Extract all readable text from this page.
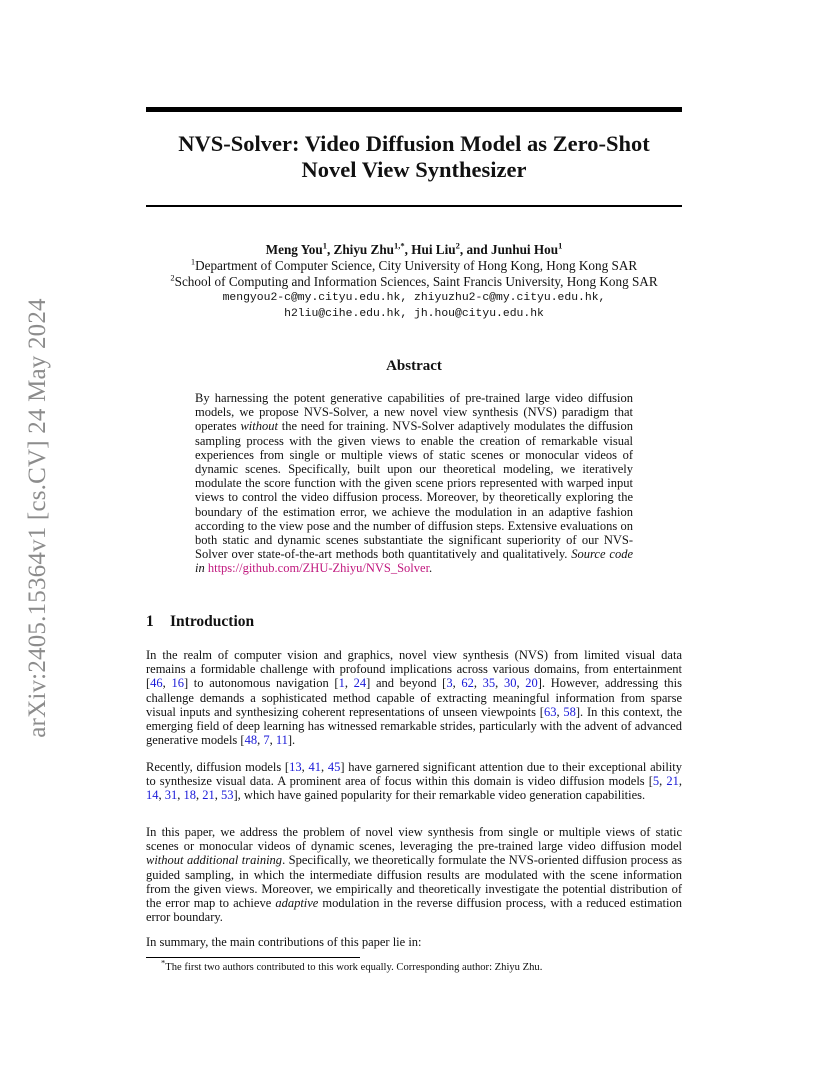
arXiv:2405.15364v1 [cs.CV] 24 May 2024
NVS-Solver: Video Diffusion Model as Zero-Shot
Novel View Synthesizer
Meng You$^1$, Zhiyu Zhu$^{1,*}$, Hui Liu$^2$, and Junhui Hou$^1$
$^1$Department of Computer Science, City University of Hong Kong, Hong Kong SAR
$^2$School of Computing and Information Sciences, Saint Francis University, Hong Kong SAR
mengyou2-c@my.cityu.edu.hk, zhiyuzhu2-c@my.cityu.edu.hk,
h2liu@cihe.edu.hk, jh.hou@cityu.edu.hk
Abstract
By harnessing the potent generative capabilities of pre-trained large video diffusion models, we propose NVS-Solver, a new novel view synthesis (NVS) paradigm that operates without the need for training. NVS-Solver adaptively modulates the diffusion sampling process with the given views to enable the creation of remarkable visual experiences from single or multiple views of static scenes or monocular videos of dynamic scenes. Specifically, built upon our theoretical modeling, we iteratively modulate the score function with the given scene priors represented with warped input views to control the video diffusion process. Moreover, by theoretically exploring the boundary of the estimation error, we achieve the modulation in an adaptive fashion according to the view pose and the number of diffusion steps. Extensive evaluations on both static and dynamic scenes substantiate the significant superiority of our NVS-Solver over state-of-the-art methods both quantitatively and qualitatively. Source code in https://github.com/ZHU-Zhiyu/NVS_Solver.
1 Introduction
In the realm of computer vision and graphics, novel view synthesis (NVS) from limited visual data remains a formidable challenge with profound implications across various domains, from entertainment [46, 16] to autonomous navigation [1, 24] and beyond [3, 62, 35, 30, 20]. However, addressing this challenge demands a sophisticated method capable of extracting meaningful information from sparse visual inputs and synthesizing coherent representations of unseen viewpoints [63, 58]. In this context, the emerging field of deep learning has witnessed remarkable strides, particularly with the advent of advanced generative models [48, 7, 11].
Recently, diffusion models [13, 41, 45] have garnered significant attention due to their exceptional ability to synthesize visual data. A prominent area of focus within this domain is video diffusion models [5, 21, 14, 31, 18, 21, 53], which have gained popularity for their remarkable video generation capabilities.
In this paper, we address the problem of novel view synthesis from single or multiple views of static scenes or monocular videos of dynamic scenes, leveraging the pre-trained large video diffusion model without additional training. Specifically, we theoretically formulate the NVS-oriented diffusion process as guided sampling, in which the intermediate diffusion results are modulated with the scene information from the given views. Moreover, we empirically and theoretically investigate the potential distribution of the error map to achieve adaptive modulation in the reverse diffusion process, with a reduced estimation error boundary.
In summary, the main contributions of this paper lie in:
*The first two authors contributed to this work equally. Corresponding author: Zhiyu Zhu.
